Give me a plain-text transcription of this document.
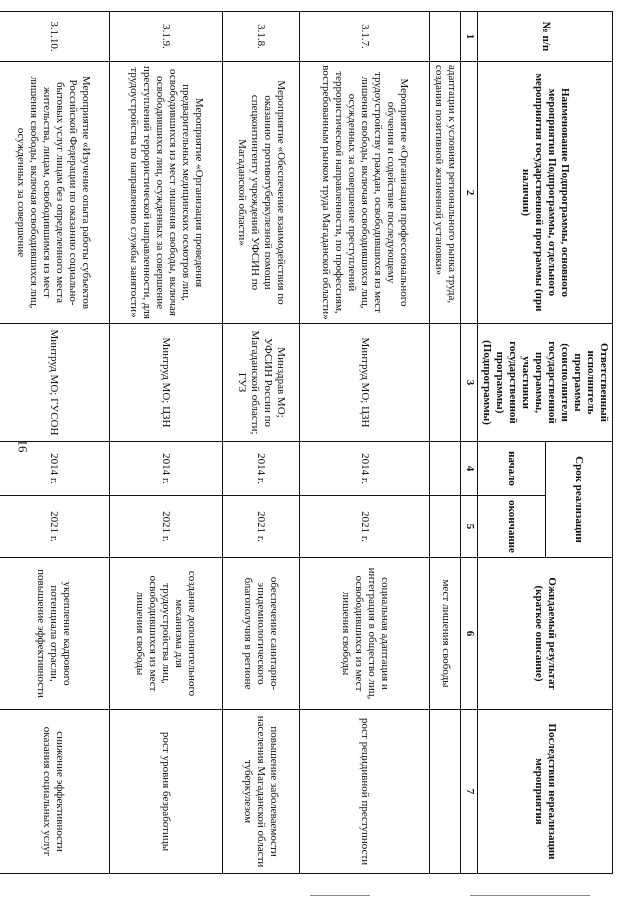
16
№ п/п	Наименование Подпрограммы, основного мероприятия Подпрограммы, отдельного мероприятия государственной программы (при наличии)	Ответственный исполнитель программы (соисполнители государственной программы, участники государственной программы) (Подпрограммы)	Срок реализации		Ожидаемый результат (краткое описание)	Последствия нереализации мероприятия
			начало	окончание		
1	2	3	4	5	6	7
	адаптации к условиям регионального рынка труда, создания позитивной жизненной установки»				мест лишения свободы	
3.1.7.	Мероприятие «Организация профессионального обучения и содействие последующему трудоустройству граждан, освободившихся из мест лишения свободы, включая освободившихся лиц, осужденных за совершение преступлений террористической направленности, по профессиям, востребованным рынком труда Магаданской области»	Минтруд МО; ЦЗН	2014 г.	2021 г.	социальная адаптация и интеграция в общество лиц, освободившихся из мест лишения свободы	рост рецидивной преступности
3.1.8.	Мероприятие «Обеспечение взаимодействия по оказанию противотуберкулезной помощи спецконтингенту учреждений УФСИН по Магаданской области»	Минздрав МО; УФСИН России по Магаданской области; ГУЗ	2014 г.	2021 г.	обеспечение санитарно-эпидемиологического благополучия в регионе	повышение заболеваемости населения Магаданской области туберкулезом
3.1.9.	Мероприятие «Организация проведения предварительных медицинских осмотров лиц, освободившихся из мест лишения свободы, включая освободившихся лиц, осужденных за совершение преступлений террористической направленности, для трудоустройства по направлению службы занятости»	Минтруд МО; ЦЗН	2014 г.	2021 г.	создание дополнительного механизма для трудоустройства лиц, освободившихся из мест лишения свободы	рост уровня безработицы
3.1.10.	Мероприятие «Изучение опыта работы субъектов Российской Федерации по оказанию социально-бытовых услуг лицам без определенного места жительства, лицам, освободившимся из мест лишения свободы, включая освободившихся лиц, осужденных за совершение	Минтруд МО; ГУСОН	2014 г.	2021 г.	укрепление кадрового потенциала отрасли, повышение эффективности	снижение эффективности оказания социальных услуг
